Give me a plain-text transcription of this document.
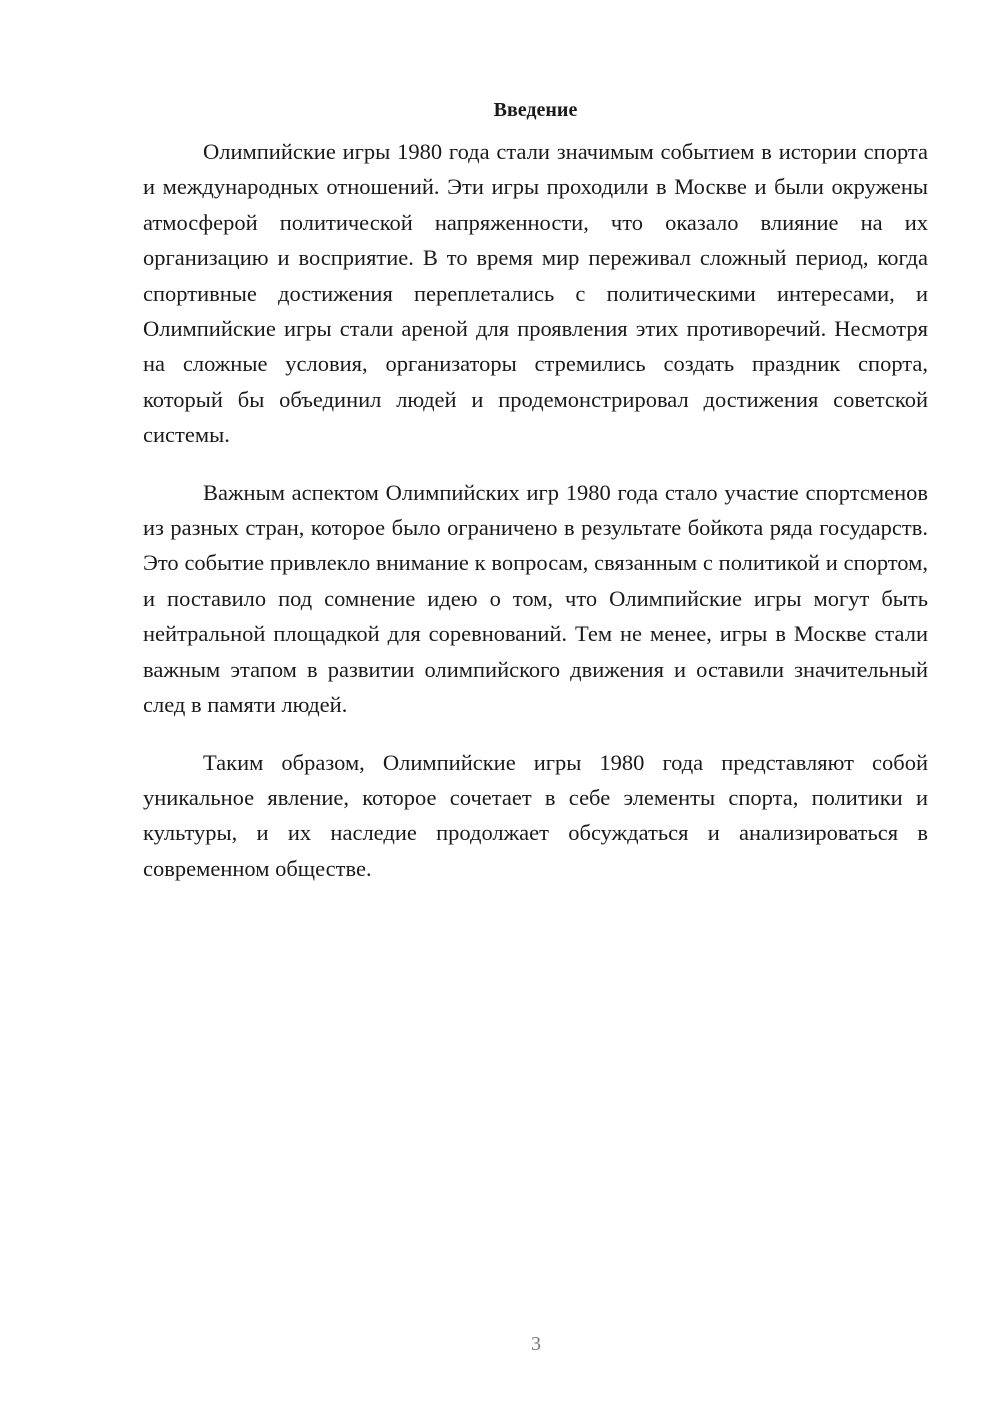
Введение

Олимпийские игры 1980 года стали значимым событием в истории спорта и международных отношений. Эти игры проходили в Москве и были окружены атмосферой политической напряженности, что оказало влияние на их организацию и восприятие. В то время мир переживал сложный период, когда спортивные достижения переплетались с политическими интересами, и Олимпийские игры стали ареной для проявления этих противоречий. Несмотря на сложные условия, организаторы стремились создать праздник спорта, который бы объединил людей и продемонстрировал достижения советской системы.

Важным аспектом Олимпийских игр 1980 года стало участие спортсменов из разных стран, которое было ограничено в результате бойкота ряда государств. Это событие привлекло внимание к вопросам, связанным с политикой и спортом, и поставило под сомнение идею о том, что Олимпийские игры могут быть нейтральной площадкой для соревнований. Тем не менее, игры в Москве стали важным этапом в развитии олимпийского движения и оставили значительный след в памяти людей.

Таким образом, Олимпийские игры 1980 года представляют собой уникальное явление, которое сочетает в себе элементы спорта, политики и культуры, и их наследие продолжает обсуждаться и анализироваться в современном обществе.

3
